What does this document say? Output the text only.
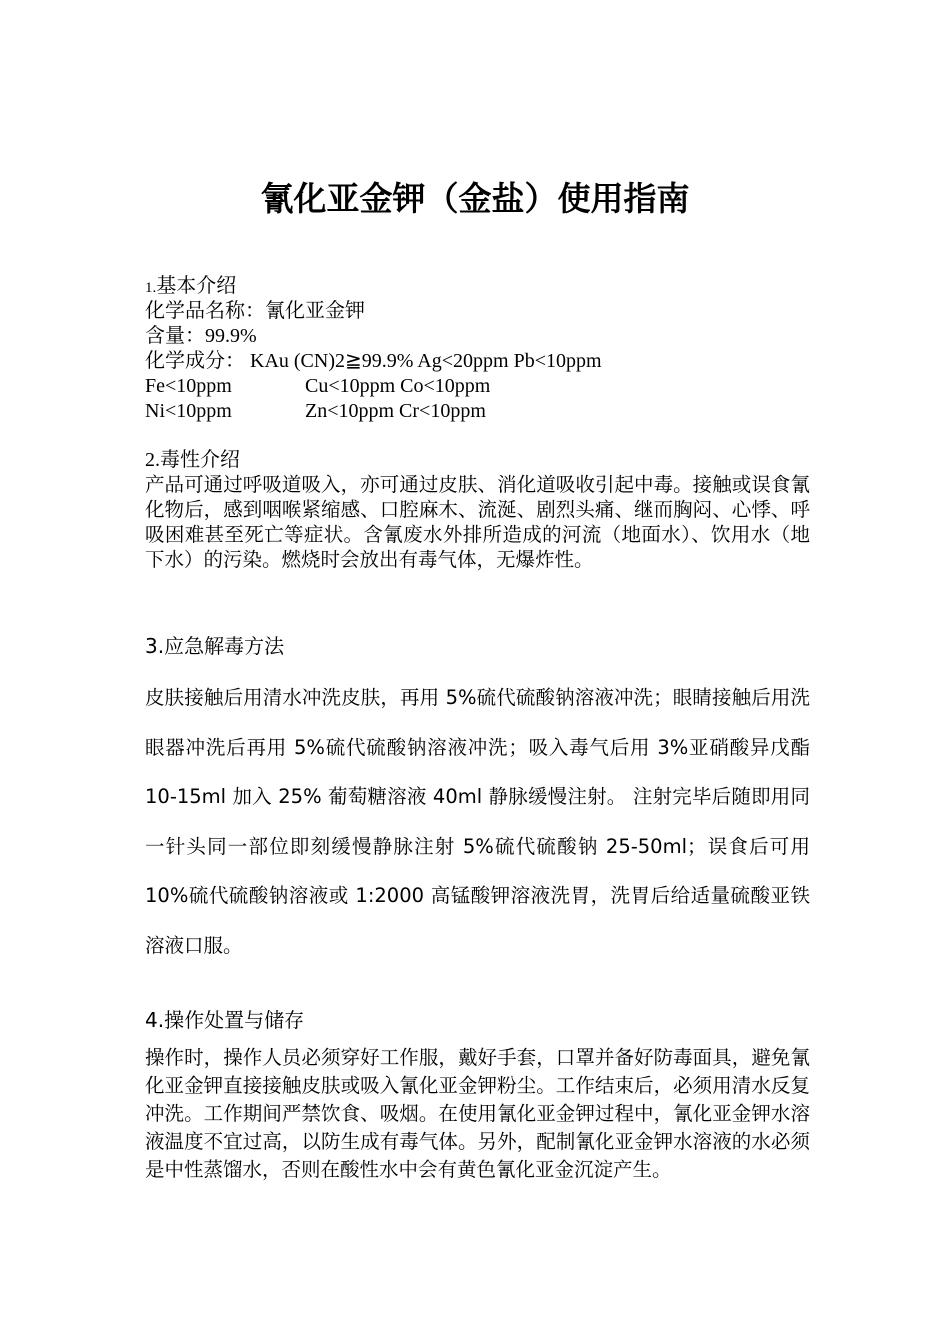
氰化亚金钾（金盐）使用指南
1.基本介绍
化学品名称：氰化亚金钾
含量：99.9%
化学成分： KAu (CN)2≧99.9% Ag<20ppm Pb<10ppm
Fe<10ppm	Cu<10ppm Co<10ppm
Ni<10ppm	Zn<10ppm Cr<10ppm
2.毒性介绍
产品可通过呼吸道吸入，亦可通过皮肤、消化道吸收引起中毒。接触或误食氰化物后，感到咽喉紧缩感、口腔麻木、流涎、剧烈头痛、继而胸闷、心悸、呼吸困难甚至死亡等症状。含氰废水外排所造成的河流（地面水）、饮用水（地下水）的污染。燃烧时会放出有毒气体，无爆炸性。
3.应急解毒方法
皮肤接触后用清水冲洗皮肤，再用 5%硫代硫酸钠溶液冲洗；眼睛接触后用洗眼器冲洗后再用 5%硫代硫酸钠溶液冲洗；吸入毒气后用 3%亚硝酸异戊酯 10-15ml 加入 25% 葡萄糖溶液 40ml 静脉缓慢注射。 注射完毕后随即用同一针头同一部位即刻缓慢静脉注射 5%硫代硫酸钠 25-50ml；误食后可用 10%硫代硫酸钠溶液或 1:2000 高锰酸钾溶液洗胃，洗胃后给适量硫酸亚铁溶液口服。
4.操作处置与储存
操作时，操作人员必须穿好工作服，戴好手套，口罩并备好防毒面具，避免氰化亚金钾直接接触皮肤或吸入氰化亚金钾粉尘。工作结束后，必须用清水反复冲洗。工作期间严禁饮食、吸烟。在使用氰化亚金钾过程中，氰化亚金钾水溶液温度不宜过高，以防生成有毒气体。另外，配制氰化亚金钾水溶液的水必须是中性蒸馏水，否则在酸性水中会有黄色氰化亚金沉淀产生。
